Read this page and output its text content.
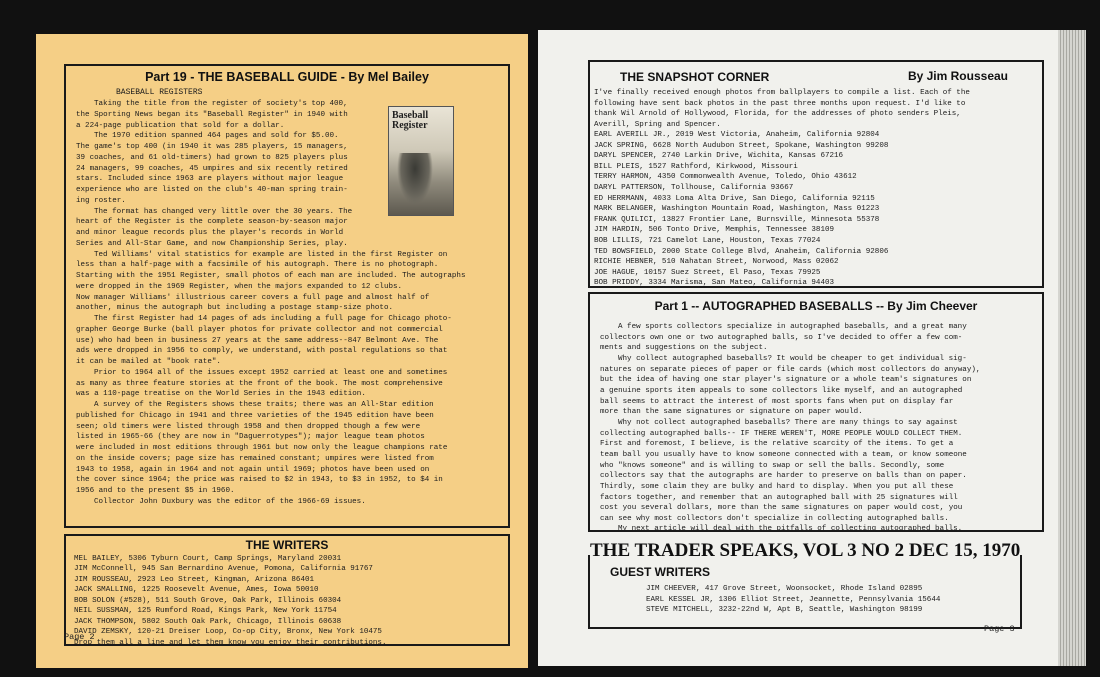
Part 19 - THE BASEBALL GUIDE - By Mel Bailey
BASEBALL REGISTERS
Taking the title from the register of society's top 400,
the Sporting News began its "Baseball Register" in 1940 with
a 224-page publication that sold for a dollar.
The 1970 edition spanned 464 pages and sold for $5.00.
The game's top 400 (in 1940 it was 285 players, 15 managers,
39 coaches, and 61 old-timers) had grown to 825 players plus
24 managers, 99 coaches, 45 umpires and six recently retired
stars. Included since 1963 are players without major league
experience who are listed on the club's 40-man spring train-
ing roster.
The format has changed very little over the 30 years. The
heart of the Register is the complete season-by-season major
and minor league records plus the player's records in World
Series and All-Star Game, and now Championship Series, play.
Ted Williams' vital statistics for example are listed in the first Register on
less than a half-page with a facsimile of his autograph. There is no photograph.
Starting with the 1951 Register, small photos of each man are included. The autographs
were dropped in the 1969 Register, when the majors expanded to 12 clubs.
Now manager Williams' illustrious career covers a full page and almost half of
another, minus the autograph but including a postage stamp-size photo.
The first Register had 14 pages of ads including a full page for Chicago photo-
grapher George Burke (ball player photos for private collector and not commercial
use) who had been in business 27 years at the same address--847 Belmont Ave. The
ads were dropped in 1956 to comply, we understand, with postal regulations so that
it can be mailed at "book rate".
Prior to 1964 all of the issues except 1952 carried at least one and sometimes
as many as three feature stories at the front of the book. The most comprehensive
was a 110-page treatise on the World Series in the 1943 edition.
A survey of the Registers shows these traits; there was an All-Star edition
published for Chicago in 1941 and three varieties of the 1945 edition have been
seen; old timers were listed through 1958 and then dropped though a few were
listed in 1965-66 (they are now in "Daguerrotypes"); major league team photos
were included in most editions through 1961 but now only the league champions rate
on the inside covers; page size has remained constant; umpires were listed from
1943 to 1958, again in 1964 and not again until 1969; photos have been used on
the cover since 1964; the price was raised to $2 in 1943, to $3 in 1952, to $4 in
1956 and to the present $5 in 1960.
Collector John Duxbury was the editor of the 1966-69 issues.
Baseball Register
THE WRITERS
MEL BAILEY, 5306 Tyburn Court, Camp Springs, Maryland 20031
JIM McConnell, 945 San Bernardino Avenue, Pomona, California 91767
JIM ROUSSEAU, 2923 Leo Street, Kingman, Arizona 86401
JACK SMALLING, 1225 Roosevelt Avenue, Ames, Iowa 50010
BOB SOLON (#528), 511 South Grove, Oak Park, Illinois 60304
NEIL SUSSMAN, 125 Rumford Road, Kings Park, New York 11754
JACK THOMPSON, 5802 South Oak Park, Chicago, Illinois 60638
DAVID ZEMSKY, 120-21 Dreiser Loop, Co-op City, Bronx, New York 10475
Drop them all a line and let them know you enjoy their contributions.
Page 2
THE SNAPSHOT CORNER	By Jim Rousseau
I've finally received enough photos from ballplayers to compile a list. Each of the
following have sent back photos in the past three months upon request. I'd like to
thank Wil Arnold of Hollywood, Florida, for the addresses of photo senders Pleis,
Averill, Spring and Spencer.
EARL AVERILL JR., 2019 West Victoria, Anaheim, California 92804
JACK SPRING, 6628 North Audubon Street, Spokane, Washington 99208
DARYL SPENCER, 2740 Larkin Drive, Wichita, Kansas 67216
BILL PLEIS, 1527 Rathford, Kirkwood, Missouri
TERRY HARMON, 4350 Commonwealth Avenue, Toledo, Ohio 43612
DARYL PATTERSON, Tollhouse, California 93667
ED HERRMANN, 4033 Loma Alta Drive, San Diego, California 92115
MARK BELANGER, Washington Mountain Road, Washington, Mass 01223
FRANK QUILICI, 13827 Frontier Lane, Burnsville, Minnesota 55378
JIM HARDIN, 506 Tonto Drive, Memphis, Tennessee 38109
BOB LILLIS, 721 Camelot Lane, Houston, Texas 77024
TED BOWSFIELD, 2000 State College Blvd, Anaheim, California 92806
RICHIE HEBNER, 510 Nahatan Street, Norwood, Mass 02062
JOE HAGUE, 10157 Suez Street, El Paso, Texas 79925
BOB PRIDDY, 3334 Marisma, San Mateo, California 94403
Part 1 -- AUTOGRAPHED BASEBALLS -- By Jim Cheever
A few sports collectors specialize in autographed baseballs, and a great many
collectors own one or two autographed balls, so I've decided to offer a few com-
ments and suggestions on the subject.
Why collect autographed baseballs? It would be cheaper to get individual sig-
natures on separate pieces of paper or file cards (which most collectors do anyway),
but the idea of having one star player's signature or a whole team's signatures on
a genuine sports item appeals to some collectors like myself, and an autographed
ball seems to attract the interest of most sports fans when put on display far
more than the same signatures or signature on paper would.
Why not collect autographed baseballs? There are many things to say against
collecting autographed balls-- IF THERE WEREN'T, MORE PEOPLE WOULD COLLECT THEM.
First and foremost, I believe, is the relative scarcity of the items. To get a
team ball you usually have to know someone connected with a team, or know someone
who "knows someone" and is willing to swap or sell the balls. Secondly, some
collectors say that the autographs are harder to preserve on balls than on paper.
Thirdly, some claim they are bulky and hard to display. When you put all these
factors together, and remember that an autographed ball with 25 signatures will
cost you several dollars, more than the same signatures on paper would cost, you
can see why most collectors don't specialize in collecting autographed balls.
My next article will deal with the pitfalls of collecting autographed balls.
THE TRADER SPEAKS, VOL 3 NO 2 DEC 15, 1970
GUEST WRITERS
JIM CHEEVER, 417 Grove Street, Woonsocket, Rhode Island 02895
EARL KESSEL JR, 1306 Elliot Street, Jeannette, Pennsylvania 15644
STEVE MITCHELL, 3232-22nd W, Apt B, Seattle, Washington 98199
Page 3
